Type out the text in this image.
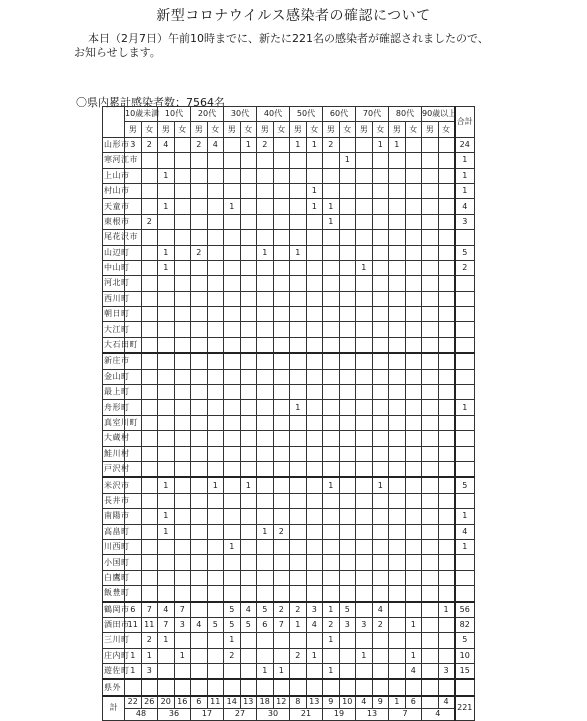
新型コロナウイルス感染者の確認について

本日（2月7日）午前10時までに、新たに221名の感染者が確認されましたので、

お知らせします。

〇県内累計感染者数：7564名
	10歳未満		10代		20代		30代		40代		50代		60代		70代		80代		90歳以上		合計
	男	女	男	女	男	女	男	女	男	女	男	女	男	女	男	女	男	女	男	女	
山形市	3	2	4		2	4		1	2		1	1	2			1	1				24
寒河江市														1							1
上山市			1																		1
村山市												1									1
天童市			1				1					1	1								4
東根市		2											1								3
尾花沢市																					
山辺町			1		2				1		1										5
中山町			1												1						2
河北町																					
西川町																					
朝日町																					
大江町																					
大石田町																					
新庄市																					
金山町																					
最上町																					
舟形町											1										1
真室川町																					
大蔵村																					
鮭川村																					
戸沢村																					
米沢市			1			1		1					1			1					5
長井市																					
南陽市			1																		1
高畠町			1						1	2											4
川西町							1														1
小国町																					
白鷹町																					
飯豊町																					
鶴岡市	6	7	4	7			5	4	5	2	2	3	1	5		4				1	56
酒田市	11	11	7	3	4	5	5	5	6	7	1	4	2	3	3	2		1			82
三川町		2	1				1						1								5
庄内町	1	1		1			2				2	1			1			1			10
遊佐町	1	3							1	1			1					4		3	15
県外																					
計	22	26	20	16	6	11	14	13	18	12	8	13	9	10	4	9	1	6		4	221
	48		36		17		27		30		21		19		13		7		4		
